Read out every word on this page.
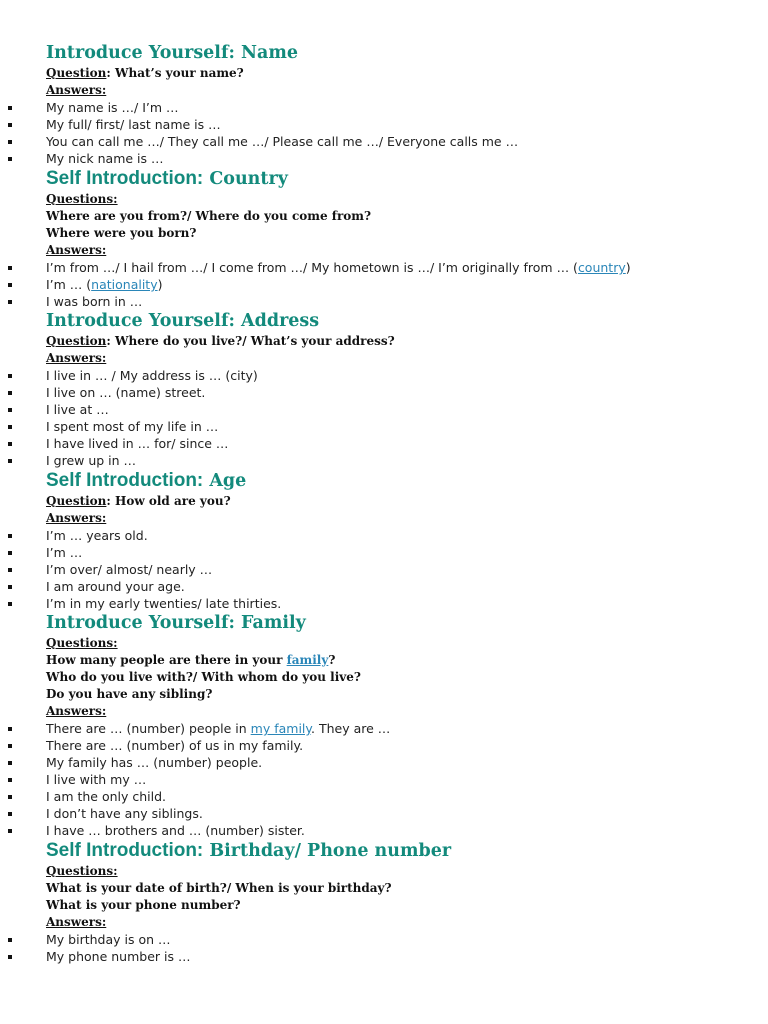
Introduce Yourself: Name
Question: What’s your name?
Answers:
My name is …/ I’m …
My full/ first/ last name is …
You can call me …/ They call me …/ Please call me …/ Everyone calls me …
My nick name is …
Self Introduction: Country
Questions:
Where are you from?/ Where do you come from?
Where were you born?
Answers:
I’m from …/ I hail from …/ I come from …/ My hometown is …/ I’m originally from … (country)
I’m … (nationality)
I was born in …
Introduce Yourself: Address
Question: Where do you live?/ What’s your address?
Answers:
I live in … / My address is … (city)
I live on … (name) street.
I live at …
I spent most of my life in …
I have lived in … for/ since …
I grew up in …
Self Introduction: Age
Question: How old are you?
Answers:
I’m … years old.
I’m …
I’m over/ almost/ nearly …
I am around your age.
I’m in my early twenties/ late thirties.
Introduce Yourself: Family
Questions:
How many people are there in your family?
Who do you live with?/ With whom do you live?
Do you have any sibling?
Answers:
There are … (number) people in my family. They are …
There are … (number) of us in my family.
My family has … (number) people.
I live with my …
I am the only child.
I don’t have any siblings.
I have … brothers and … (number) sister.
Self Introduction: Birthday/ Phone number
Questions:
What is your date of birth?/ When is your birthday?
What is your phone number?
Answers:
My birthday is on …
My phone number is …
